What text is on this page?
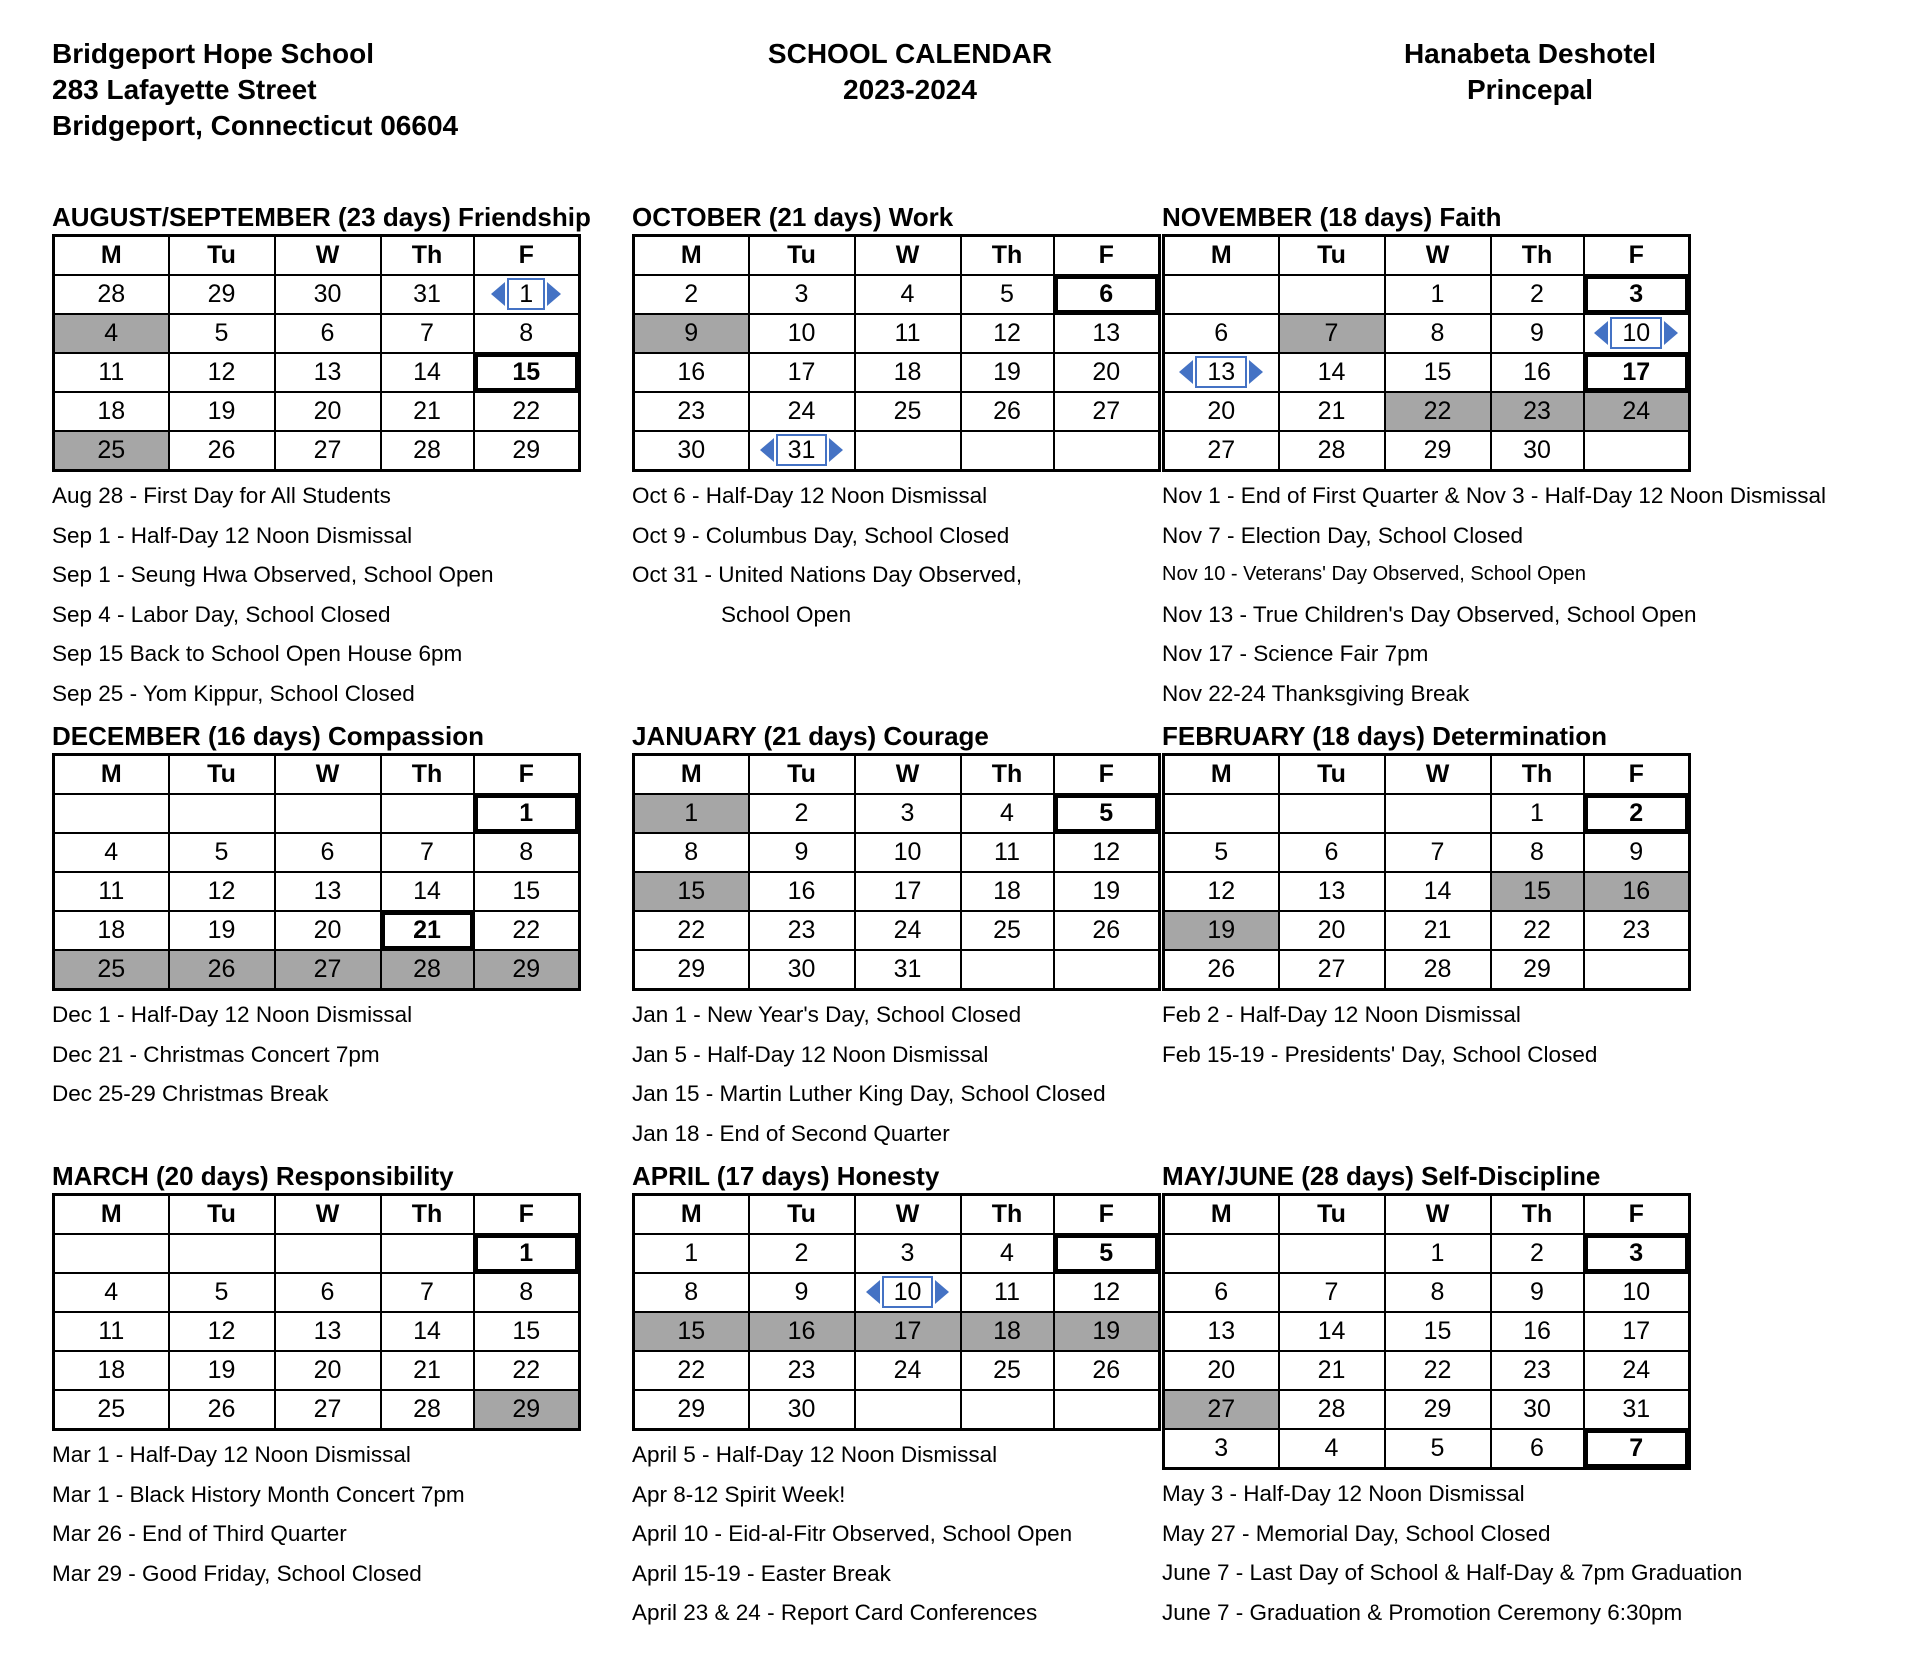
Bridgeport Hope School
283 Lafayette Street
Bridgeport, Connecticut 06604
SCHOOL CALENDAR
2023-2024
Hanabeta Deshotel
Princepal
AUGUST/SEPTEMBER (23 days) Friendship
M	Tu	W	Th	F
28	29	30	31	1
4	5	6	7	8
11	12	13	14	15
18	19	20	21	22
25	26	27	28	29
Aug 28 - First Day for All Students
Sep 1 - Half-Day 12 Noon Dismissal
Sep 1 - Seung Hwa Observed, School Open
Sep 4 - Labor Day, School Closed
Sep 15 Back to School Open House 6pm
Sep 25 - Yom Kippur, School Closed
OCTOBER (21 days) Work
M	Tu	W	Th	F
2	3	4	5	6
9	10	11	12	13
16	17	18	19	20
23	24	25	26	27
30	31			
Oct 6 - Half-Day 12 Noon Dismissal
Oct 9 - Columbus Day, School Closed
Oct 31 - United Nations Day Observed,
School Open
NOVEMBER (18 days) Faith
M	Tu	W	Th	F
		1	2	3
6	7	8	9	10
13	14	15	16	17
20	21	22	23	24
27	28	29	30	
Nov 1 - End of First Quarter & Nov 3 - Half-Day 12 Noon Dismissal
Nov 7 - Election Day, School Closed
Nov 10 - Veterans' Day Observed, School Open
Nov 13 - True Children's Day Observed, School Open
Nov 17 - Science Fair 7pm
Nov 22-24 Thanksgiving Break
DECEMBER (16 days) Compassion
M	Tu	W	Th	F
				1
4	5	6	7	8
11	12	13	14	15
18	19	20	21	22
25	26	27	28	29
Dec 1 - Half-Day 12 Noon Dismissal
Dec 21 - Christmas Concert 7pm
Dec 25-29 Christmas Break
JANUARY (21 days) Courage
M	Tu	W	Th	F
1	2	3	4	5
8	9	10	11	12
15	16	17	18	19
22	23	24	25	26
29	30	31		
Jan 1 - New Year's Day, School Closed
Jan 5 - Half-Day 12 Noon Dismissal
Jan 15 - Martin Luther King Day, School Closed
Jan 18 - End of Second Quarter
FEBRUARY (18 days) Determination
M	Tu	W	Th	F
			1	2
5	6	7	8	9
12	13	14	15	16
19	20	21	22	23
26	27	28	29	
Feb 2 - Half-Day 12 Noon Dismissal
Feb 15-19 - Presidents' Day, School Closed
MARCH (20 days) Responsibility
M	Tu	W	Th	F
				1
4	5	6	7	8
11	12	13	14	15
18	19	20	21	22
25	26	27	28	29
Mar 1 - Half-Day 12 Noon Dismissal
Mar 1 - Black History Month Concert 7pm
Mar 26 - End of Third Quarter
Mar 29 - Good Friday, School Closed
APRIL (17 days) Honesty
M	Tu	W	Th	F
1	2	3	4	5
8	9	10	11	12
15	16	17	18	19
22	23	24	25	26
29	30			
April 5 - Half-Day 12 Noon Dismissal
Apr 8-12 Spirit Week!
April 10 - Eid-al-Fitr Observed, School Open
April 15-19 - Easter Break
April 23 & 24 - Report Card Conferences
MAY/JUNE (28 days) Self-Discipline
M	Tu	W	Th	F
		1	2	3
6	7	8	9	10
13	14	15	16	17
20	21	22	23	24
27	28	29	30	31
3	4	5	6	7
May 3 - Half-Day 12 Noon Dismissal
May 27 - Memorial Day, School Closed
June 7 - Last Day of School & Half-Day & 7pm Graduation
June 7 - Graduation & Promotion Ceremony 6:30pm
